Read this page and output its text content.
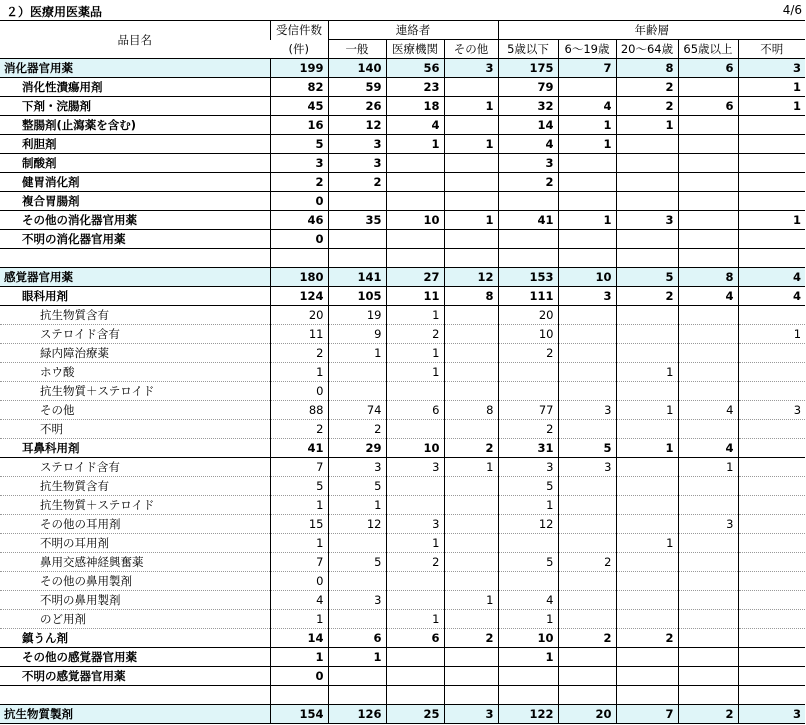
２）医療用医薬品	4/6
品目名	受信件数	連絡者			年齢層				
	(件)	一般	医療機関	その他	5歳以下	6～19歳	20～64歳	65歳以上	不明
消化器官用薬	199	140	56	3	175	7	8	6	3
消化性潰瘍用剤	82	59	23		79		2		1
下剤・浣腸剤	45	26	18	1	32	4	2	6	1
整腸剤(止瀉薬を含む)	16	12	4		14	1	1		
利胆剤	5	3	1	1	4	1			
制酸剤	3	3			3				
健胃消化剤	2	2			2				
複合胃腸剤	0								
その他の消化器官用薬	46	35	10	1	41	1	3		1
不明の消化器官用薬	0								

感覚器官用薬	180	141	27	12	153	10	5	8	4
眼科用剤	124	105	11	8	111	3	2	4	4
抗生物質含有	20	19	1		20				
ステロイド含有	11	9	2		10				1
緑内障治療薬	2	1	1		2				
ホウ酸	1		1				1		
抗生物質＋ステロイド	0								
その他	88	74	6	8	77	3	1	4	3
不明	2	2			2				
耳鼻科用剤	41	29	10	2	31	5	1	4	
ステロイド含有	7	3	3	1	3	3		1	
抗生物質含有	5	5			5				
抗生物質＋ステロイド	1	1			1				
その他の耳用剤	15	12	3		12			3	
不明の耳用剤	1		1				1		
鼻用交感神経興奮薬	7	5	2		5	2			
その他の鼻用製剤	0								
不明の鼻用製剤	4	3		1	4				
のど用剤	1		1		1				
鎮うん剤	14	6	6	2	10	2	2		
その他の感覚器官用薬	1	1			1				
不明の感覚器官用薬	0								

抗生物質製剤	154	126	25	3	122	20	7	2	3
